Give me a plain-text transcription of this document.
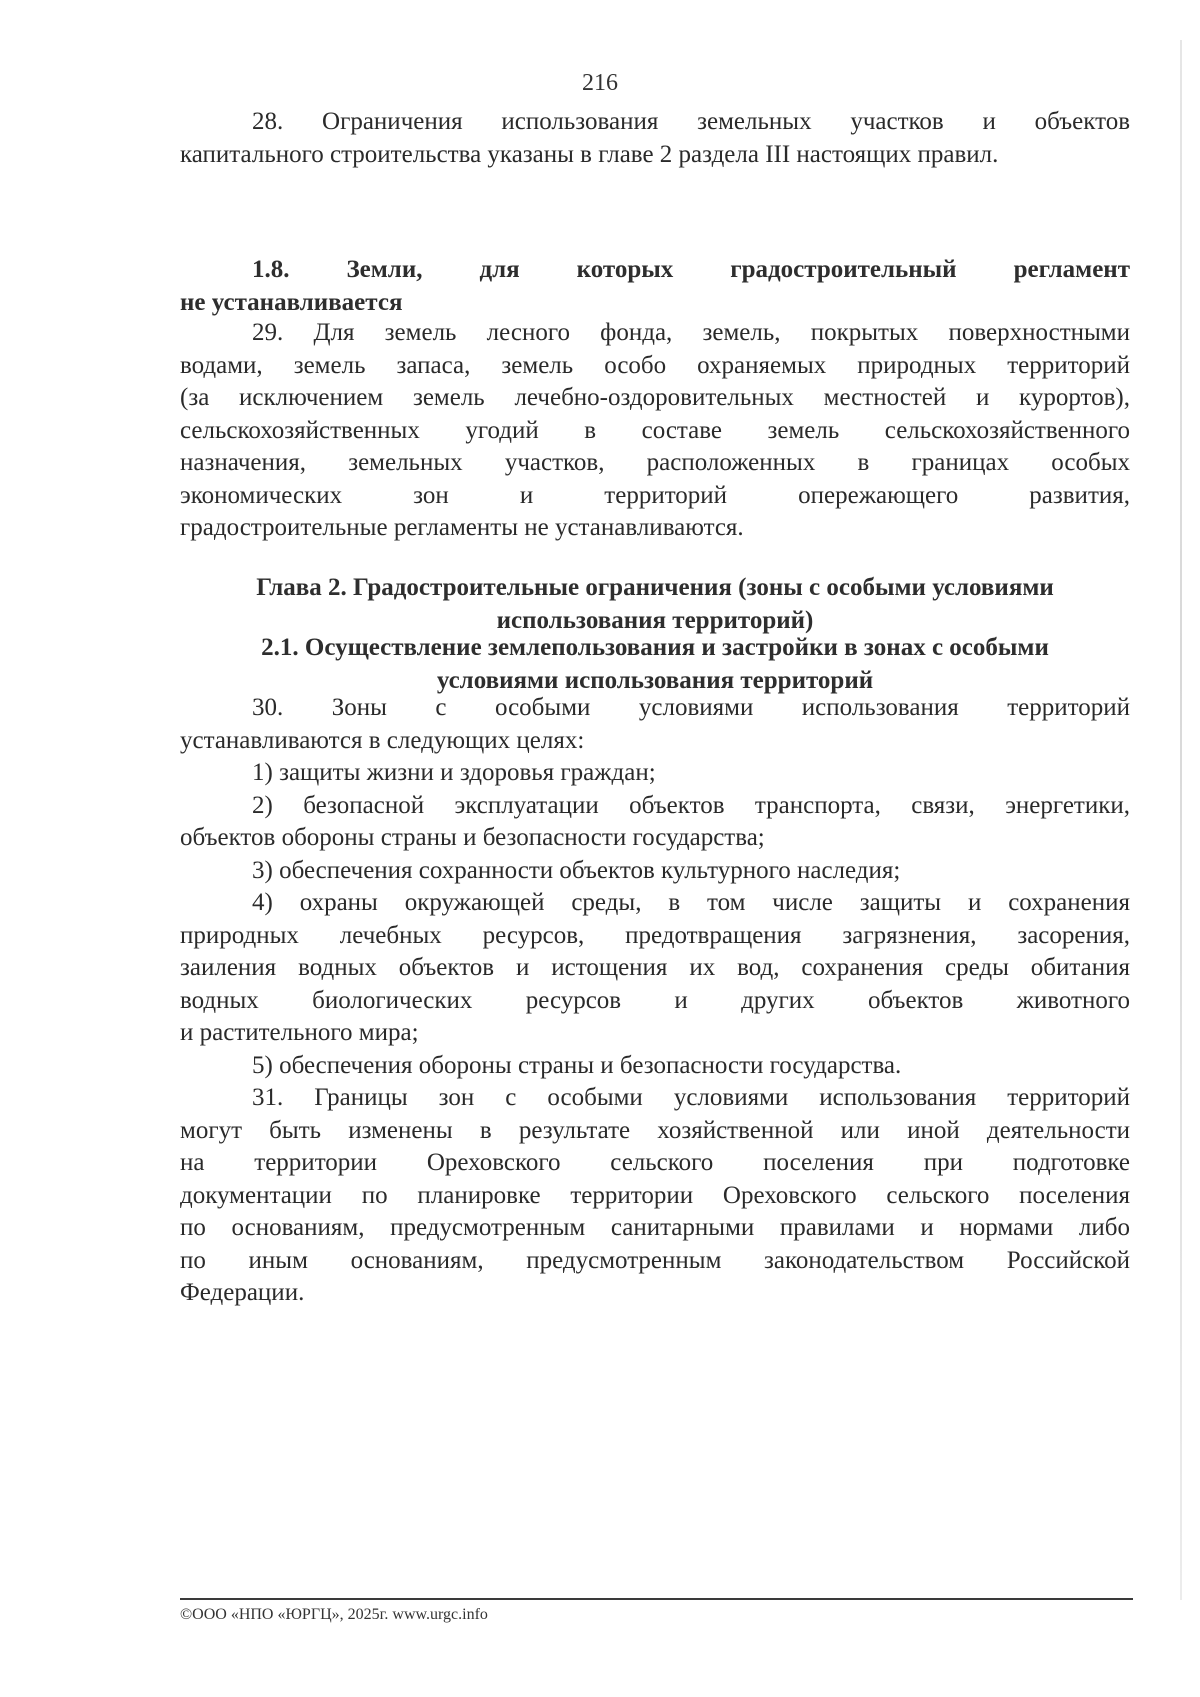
216

28. Ограничения использования земельных участков и объектов

капитального строительства указаны в главе 2 раздела III настоящих правил.

1.8. Земли, для которых градостроительный регламент

не устанавливается

29. Для земель лесного фонда, земель, покрытых поверхностными

водами, земель запаса, земель особо охраняемых природных территорий

(за исключением земель лечебно-оздоровительных местностей и курортов),

сельскохозяйственных угодий в составе земель сельскохозяйственного

назначения, земельных участков, расположенных в границах особых

экономических зон и территорий опережающего развития,

градостроительные регламенты не устанавливаются.

Глава 2. Градостроительные ограничения (зоны с особыми условиями

использования территорий)

2.1. Осуществление землепользования и застройки в зонах с особыми

условиями использования территорий

30. Зоны с особыми условиями использования территорий

устанавливаются в следующих целях:

1) защиты жизни и здоровья граждан;

2) безопасной эксплуатации объектов транспорта, связи, энергетики,

объектов обороны страны и безопасности государства;

3) обеспечения сохранности объектов культурного наследия;

4) охраны окружающей среды, в том числе защиты и сохранения

природных лечебных ресурсов, предотвращения загрязнения, засорения,

заиления водных объектов и истощения их вод, сохранения среды обитания

водных биологических ресурсов и других объектов животного

и растительного мира;

5) обеспечения обороны страны и безопасности государства.

31. Границы зон с особыми условиями использования территорий

могут быть изменены в результате хозяйственной или иной деятельности

на территории Ореховского сельского поселения при подготовке

документации по планировке территории Ореховского сельского поселения

по основаниям, предусмотренным санитарными правилами и нормами либо

по иным основаниям, предусмотренным законодательством Российской

Федерации.

©ООО «НПО «ЮРГЦ», 2025г. www.urgc.info
